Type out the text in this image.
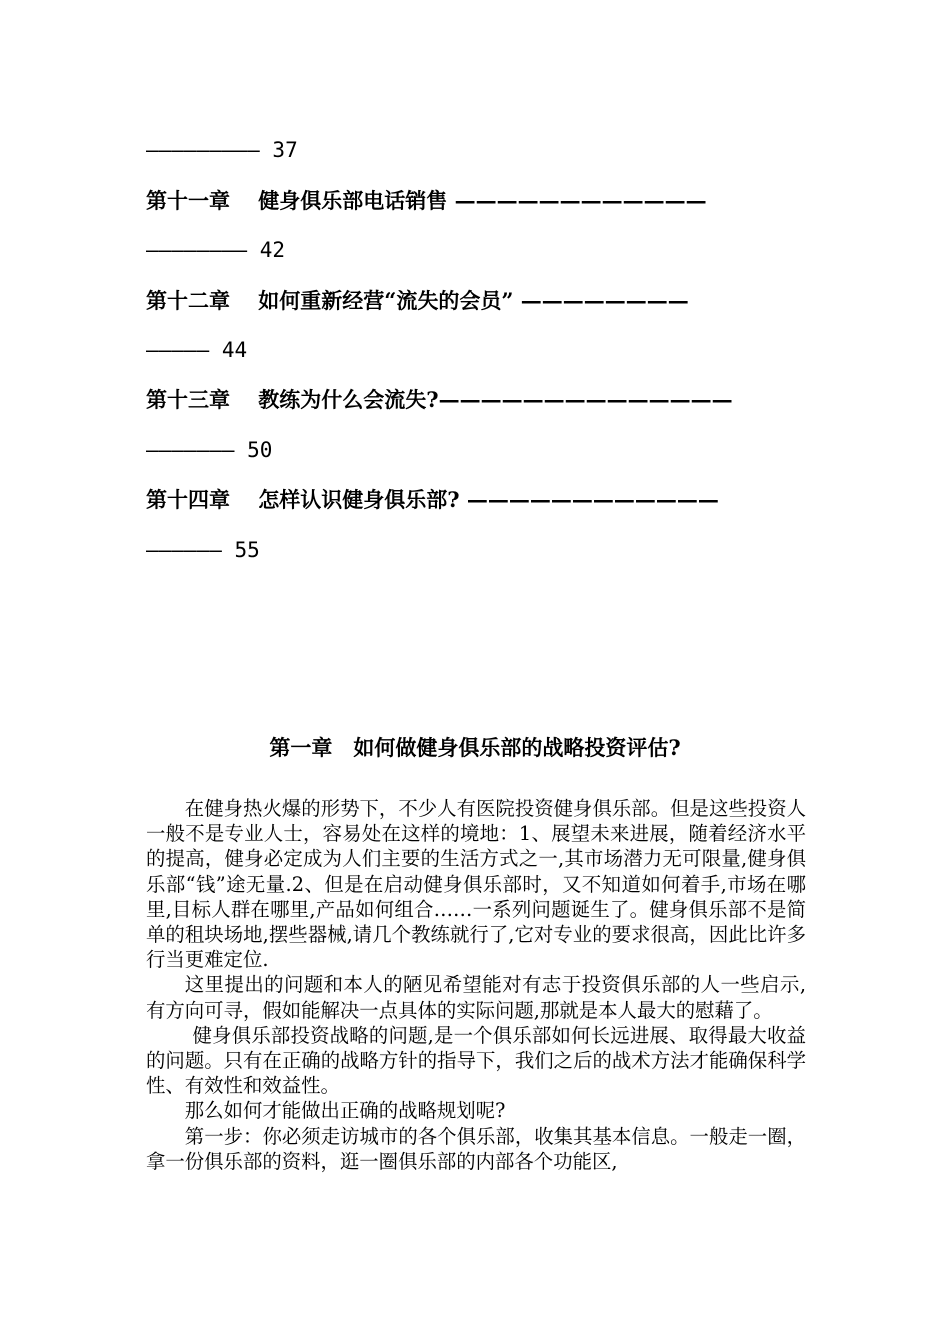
————————— 37
第十一章　 健身俱乐部电话销售 ————————————
———————— 42
第十二章　 如何重新经营“流失的会员” ————————
————— 44
第十三章　 教练为什么会流失?——————————————
——————— 50
第十四章　 怎样认识健身俱乐部? ————————————
—————— 55
第一章　如何做健身俱乐部的战略投资评估?

在健身热火爆的形势下，不少人有医院投资健身俱乐部。但是这些投资人一般不是专业人士，容易处在这样的境地：1、展望未来进展，随着经济水平的提高，健身必定成为人们主要的生活方式之一,其市场潜力无可限量,健身俱乐部“钱”途无量.2、但是在启动健身俱乐部时，又不知道如何着手,市场在哪里,目标人群在哪里,产品如何组合……一系列问题诞生了。健身俱乐部不是简单的租块场地,摆些器械,请几个教练就行了,它对专业的要求很高，因此比许多行当更难定位.

这里提出的问题和本人的陋见希望能对有志于投资俱乐部的人一些启示,有方向可寻，假如能解决一点具体的实际问题,那就是本人最大的慰藉了。

健身俱乐部投资战略的问题,是一个俱乐部如何长远进展、取得最大收益的问题。只有在正确的战略方针的指导下，我们之后的战术方法才能确保科学性、有效性和效益性。

那么如何才能做出正确的战略规划呢?

第一步：你必须走访城市的各个俱乐部，收集其基本信息。一般走一圈，拿一份俱乐部的资料，逛一圈俱乐部的内部各个功能区,
